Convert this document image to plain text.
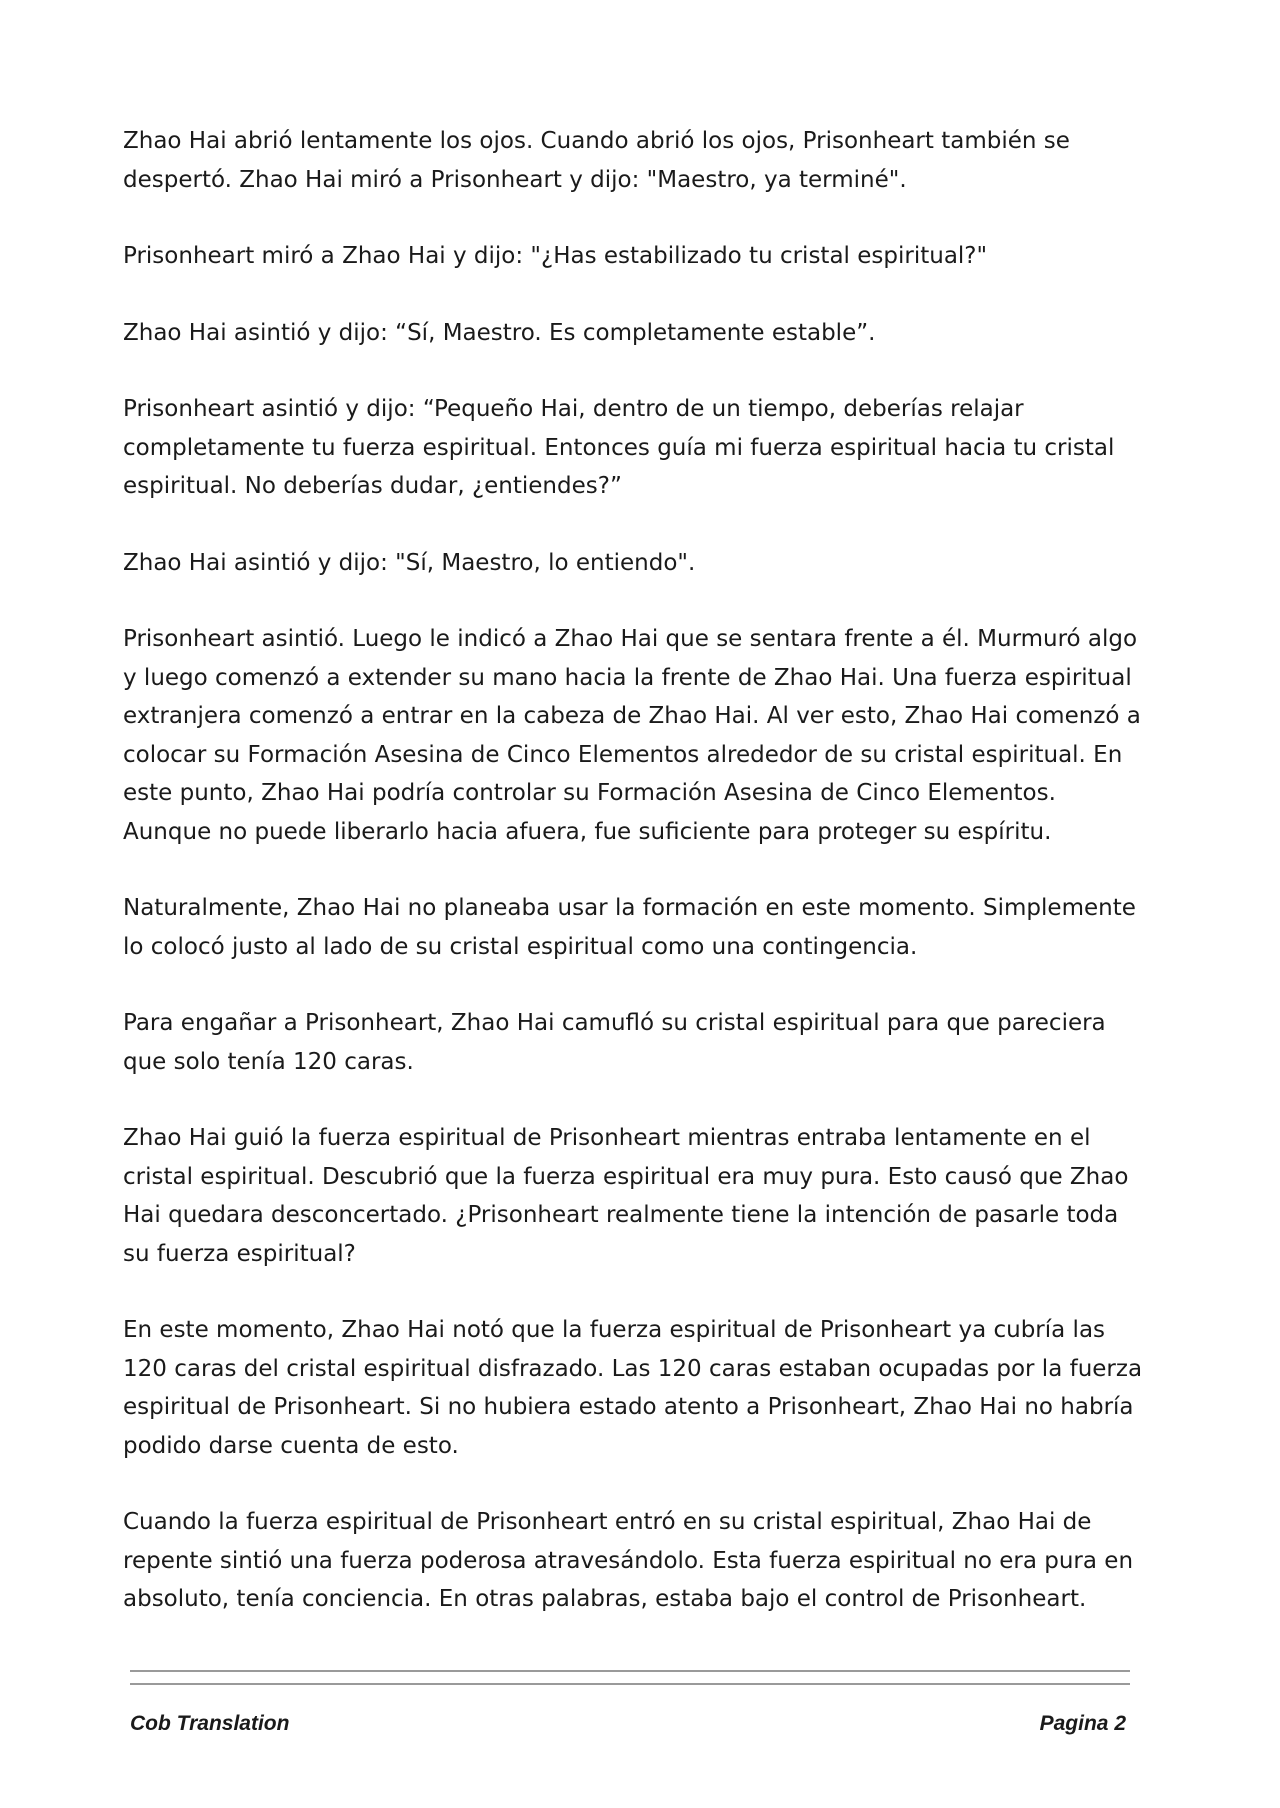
Zhao Hai abrió lentamente los ojos. Cuando abrió los ojos, Prisonheart también se despertó. Zhao Hai miró a Prisonheart y dijo: "Maestro, ya terminé".

Prisonheart miró a Zhao Hai y dijo: "¿Has estabilizado tu cristal espiritual?"

Zhao Hai asintió y dijo: “Sí, Maestro. Es completamente estable”.

Prisonheart asintió y dijo: “Pequeño Hai, dentro de un tiempo, deberías relajar completamente tu fuerza espiritual. Entonces guía mi fuerza espiritual hacia tu cristal espiritual. No deberías dudar, ¿entiendes?”

Zhao Hai asintió y dijo: "Sí, Maestro, lo entiendo".

Prisonheart asintió. Luego le indicó a Zhao Hai que se sentara frente a él. Murmuró algo y luego comenzó a extender su mano hacia la frente de Zhao Hai. Una fuerza espiritual extranjera comenzó a entrar en la cabeza de Zhao Hai. Al ver esto, Zhao Hai comenzó a colocar su Formación Asesina de Cinco Elementos alrededor de su cristal espiritual. En este punto, Zhao Hai podría controlar su Formación Asesina de Cinco Elementos. Aunque no puede liberarlo hacia afuera, fue suficiente para proteger su espíritu.

Naturalmente, Zhao Hai no planeaba usar la formación en este momento. Simplemente lo colocó justo al lado de su cristal espiritual como una contingencia.

Para engañar a Prisonheart, Zhao Hai camufló su cristal espiritual para que pareciera que solo tenía 120 caras.

Zhao Hai guió la fuerza espiritual de Prisonheart mientras entraba lentamente en el cristal espiritual. Descubrió que la fuerza espiritual era muy pura. Esto causó que Zhao Hai quedara desconcertado. ¿Prisonheart realmente tiene la intención de pasarle toda su fuerza espiritual?

En este momento, Zhao Hai notó que la fuerza espiritual de Prisonheart ya cubría las 120 caras del cristal espiritual disfrazado. Las 120 caras estaban ocupadas por la fuerza espiritual de Prisonheart. Si no hubiera estado atento a Prisonheart, Zhao Hai no habría podido darse cuenta de esto.

Cuando la fuerza espiritual de Prisonheart entró en su cristal espiritual, Zhao Hai de repente sintió una fuerza poderosa atravesándolo. Esta fuerza espiritual no era pura en absoluto, tenía conciencia. En otras palabras, estaba bajo el control de Prisonheart.

Cob Translation	Pagina 2
